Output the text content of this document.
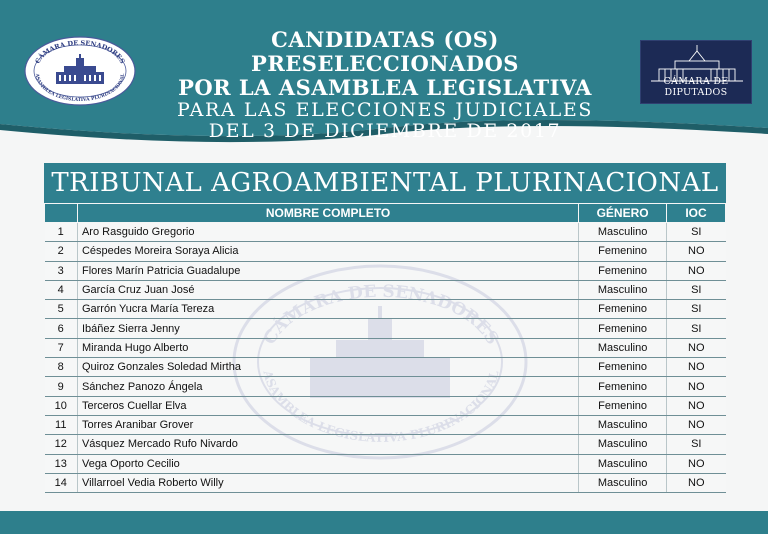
CÁMARA DE SENADORES
ASAMBLEA LEGISLATIVA PLURINACIONAL
CANDIDATAS (OS) PRESELECCIONADOS
POR LA ASAMBLEA LEGISLATIVA
PARA LAS ELECCIONES JUDICIALES
DEL 3 DE DICIEMBRE DE 2017
CÁMARA DE DIPUTADOS
TRIBUNAL AGROAMBIENTAL PLURINACIONAL
CÁMARA DE SENADORES
ASAMBLEA LEGISLATIVA PLURINACIONAL
	NOMBRE COMPLETO	GÉNERO	IOC
1	Aro Rasguido Gregorio	Masculino	SI
2	Céspedes Moreira Soraya Alicia	Femenino	NO
3	Flores Marín Patricia Guadalupe	Femenino	NO
4	García Cruz Juan José	Masculino	SI
5	Garrón Yucra María Tereza	Femenino	SI
6	Ibáñez Sierra Jenny	Femenino	SI
7	Miranda Hugo Alberto	Masculino	NO
8	Quiroz Gonzales Soledad Mirtha	Femenino	NO
9	Sánchez Panozo Ángela	Femenino	NO
10	Terceros Cuellar Elva	Femenino	NO
11	Torres Aranibar Grover	Masculino	NO
12	Vásquez Mercado Rufo Nivardo	Masculino	SI
13	Vega Oporto Cecilio	Masculino	NO
14	Villarroel Vedia Roberto Willy	Masculino	NO
